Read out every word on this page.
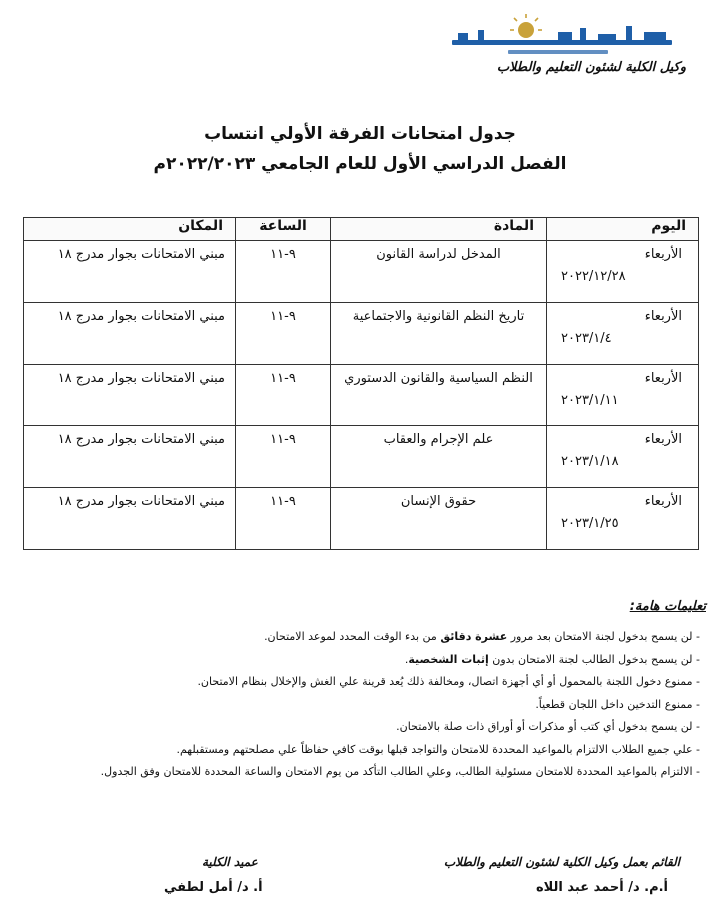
وكيل الكلية لشئون التعليم والطلاب
جدول امتحانات الفرقة الأولي انتساب
الفصل الدراسي الأول للعام الجامعي ٢٠٢٢/٢٠٢٣م
اليوم	المادة	الساعة	المكان

الأربعاء
٢٠٢٢/١٢/٢٨	المدخل لدراسة القانون	٩-١١	مبني الامتحانات بجوار مدرج ١٨

الأربعاء
٢٠٢٣/١/٤	تاريخ النظم القانونية والاجتماعية	٩-١١	مبني الامتحانات بجوار مدرج ١٨

الأربعاء
٢٠٢٣/١/١١	النظم السياسية والقانون الدستوري	٩-١١	مبني الامتحانات بجوار مدرج ١٨

الأربعاء
٢٠٢٣/١/١٨	علم الإجرام والعقاب	٩-١١	مبني الامتحانات بجوار مدرج ١٨

الأربعاء
٢٠٢٣/١/٢٥	حقوق الإنسان	٩-١١	مبني الامتحانات بجوار مدرج ١٨
تعليمات هامة:
- لن يسمح بدخول لجنة الامتحان بعد مرور عشرة دقائق من بدء الوقت المحدد لموعد الامتحان.
- لن يسمح بدخول الطالب لجنة الامتحان بدون إثبات الشخصية.
- ممنوع دخول اللجنة بالمحمول أو أي أجهزة اتصال، ومخالفة ذلك يُعد قرينة علي الغش والإخلال بنظام الامتحان.
- ممنوع التدخين داخل اللجان قطعياً.
- لن يسمح بدخول أي كتب أو مذكرات أو أوراق ذات صلة بالامتحان.
- علي جميع الطلاب الالتزام بالمواعيد المحددة للامتحان والتواجد قبلها بوقت كافي حفاظاً علي مصلحتهم ومستقبلهم.
- الالتزام بالمواعيد المحددة للامتحان مسئولية الطالب، وعلي الطالب التأكد من يوم الامتحان والساعة المحددة للامتحان وفق الجدول.
القائم بعمل وكيل الكلية لشئون التعليم والطلاب
أ.م. د/ أحمد عبد اللاه
عميد الكلية
أ. د/ أمل لطفي
